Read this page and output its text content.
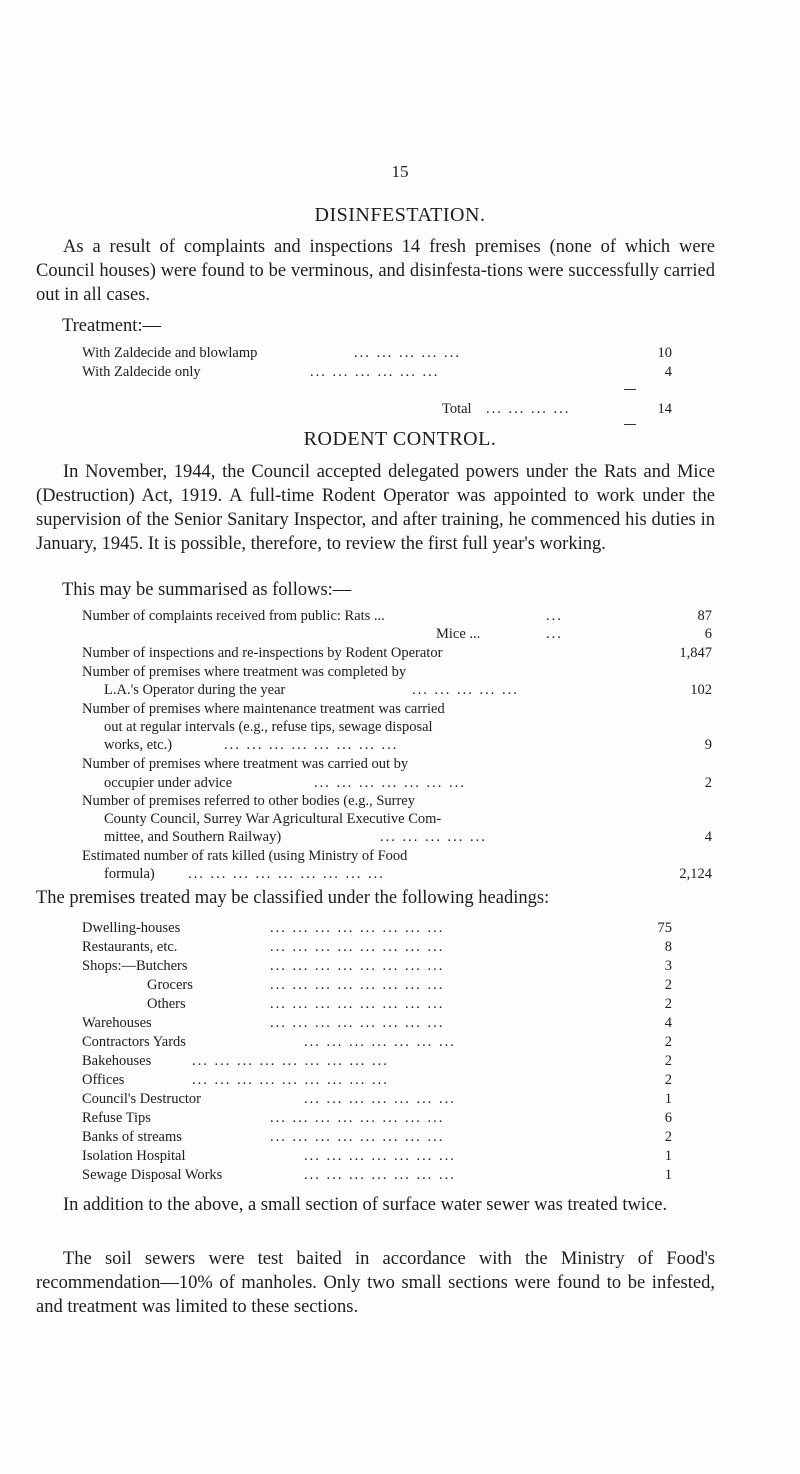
15
DISINFESTATION.

As a result of complaints and inspections 14 fresh premises (none of which were Council houses) were found to be verminous, and disinfesta-tions were successfully carried out in all cases.

Treatment:—
With Zaldecide and blowlamp	... ... ... ... ...	10
With Zaldecide only	... ... ... ... ... ...	4
Total ... ... ... ...	14
RODENT CONTROL.

In November, 1944, the Council accepted delegated powers under the Rats and Mice (Destruction) Act, 1919. A full-time Rodent Operator was appointed to work under the supervision of the Senior Sanitary Inspector, and after training, he commenced his duties in January, 1945. It is possible, therefore, to review the first full year's working.

This may be summarised as follows:—
Number of complaints received from public: Rats ...	...	87
Mice ...	...	6
Number of inspections and re-inspections by Rodent Operator	1,847
Number of premises where treatment was completed by
L.A.'s Operator during the year	... ... ... ... ...	102
Number of premises where maintenance treatment was carried
out at regular intervals (e.g., refuse tips, sewage disposal
works, etc.)	... ... ... ... ... ... ... ...	9
Number of premises where treatment was carried out by
occupier under advice	... ... ... ... ... ... ...	2
Number of premises referred to other bodies (e.g., Surrey
County Council, Surrey War Agricultural Executive Com-
mittee, and Southern Railway)	... ... ... ... ...	4
Estimated number of rats killed (using Ministry of Food
formula) ... ... ... ... ... ... ... ... ...	2,124
The premises treated may be classified under the following headings:
Dwelling-houses	... ... ... ... ... ... ... ...	75
Restaurants, etc.	... ... ... ... ... ... ... ...	8
Shops:—Butchers	... ... ... ... ... ... ... ...	3
Grocers	... ... ... ... ... ... ... ...	2
Others	... ... ... ... ... ... ... ...	2
Warehouses	... ... ... ... ... ... ... ...	4
Contractors Yards	... ... ... ... ... ... ...	2
Bakehouses	... ... ... ... ... ... ... ... ...	2
Offices	... ... ... ... ... ... ... ... ...	2
Council's Destructor	... ... ... ... ... ... ...	1
Refuse Tips	... ... ... ... ... ... ... ...	6
Banks of streams	... ... ... ... ... ... ... ...	2
Isolation Hospital	... ... ... ... ... ... ...	1
Sewage Disposal Works	... ... ... ... ... ... ...	1

In addition to the above, a small section of surface water sewer was treated twice.

The soil sewers were test baited in accordance with the Ministry of Food's recommendation—10% of manholes. Only two small sections were found to be infested, and treatment was limited to these sections.
